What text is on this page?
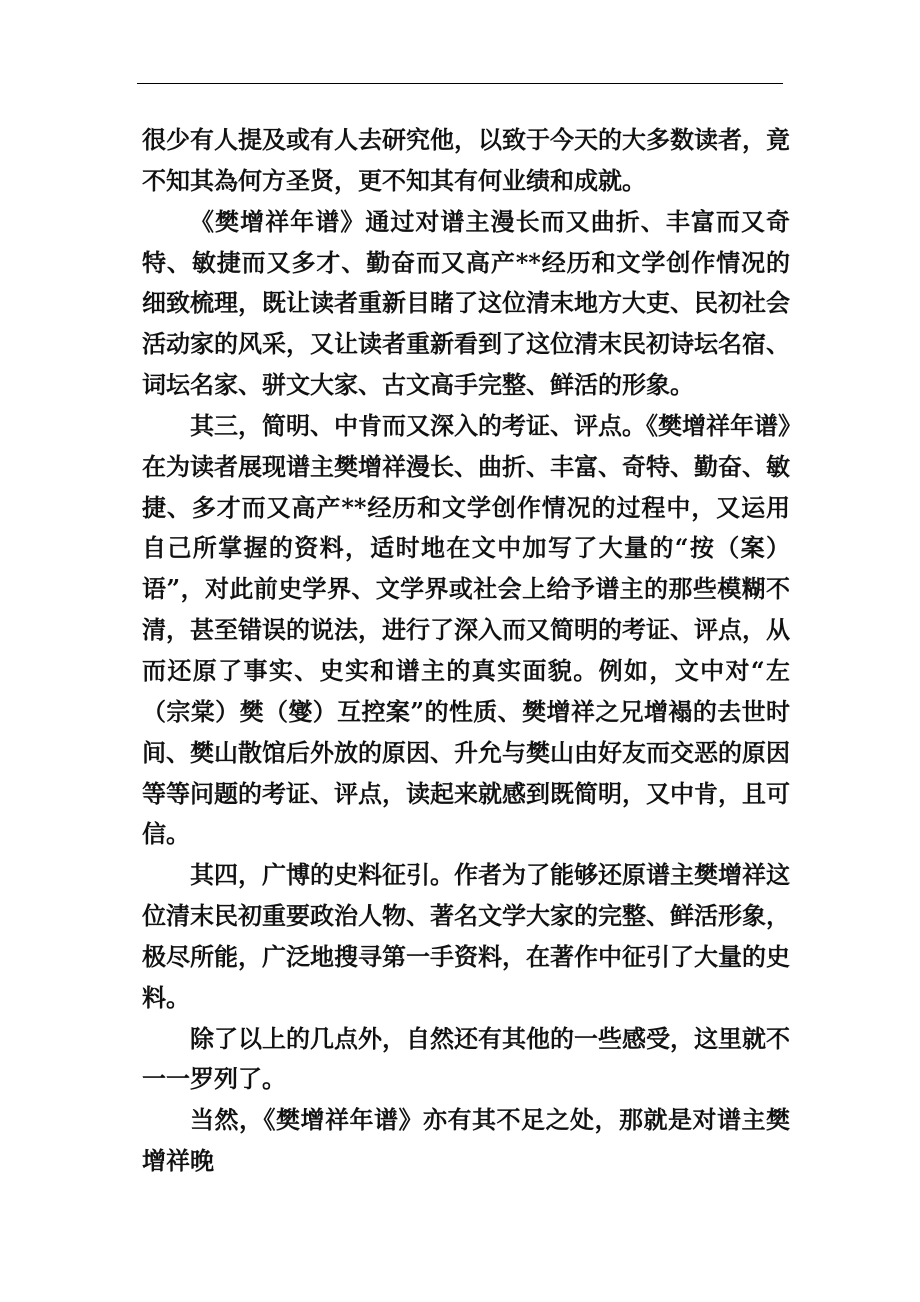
很少有人提及或有人去研究他，以致于今天的大多数读者，竟不知其為何方圣贤，更不知其有何业绩和成就。

《樊增祥年谱》通过对谱主漫长而又曲折、丰富而又奇特、敏捷而又多才、勤奋而又高产**经历和文学创作情况的细致梳理，既让读者重新目睹了这位清末地方大吏、民初社会活动家的风采，又让读者重新看到了这位清末民初诗坛名宿、词坛名家、骈文大家、古文高手完整、鲜活的形象。

其三，简明、中肯而又深入的考证、评点。《樊增祥年谱》在为读者展现谱主樊增祥漫长、曲折、丰富、奇特、勤奋、敏捷、多才而又高产**经历和文学创作情况的过程中，又运用自己所掌握的资料，适时地在文中加写了大量的“按（案）语”，对此前史学界、文学界或社会上给予谱主的那些模糊不清，甚至错误的说法，进行了深入而又简明的考证、评点，从而还原了事实、史实和谱主的真实面貌。例如，文中对“左（宗棠）樊（燮）互控案”的性质、樊增祥之兄增褟的去世时间、樊山散馆后外放的原因、升允与樊山由好友而交恶的原因等等问题的考证、评点，读起来就感到既简明，又中肯，且可信。

其四，广博的史料征引。作者为了能够还原谱主樊增祥这位清末民初重要政治人物、著名文学大家的完整、鲜活形象，极尽所能，广泛地搜寻第一手资料，在著作中征引了大量的史料。

除了以上的几点外，自然还有其他的一些感受，这里就不一一罗列了。

当然，《樊增祥年谱》亦有其不足之处，那就是对谱主樊增祥晚
